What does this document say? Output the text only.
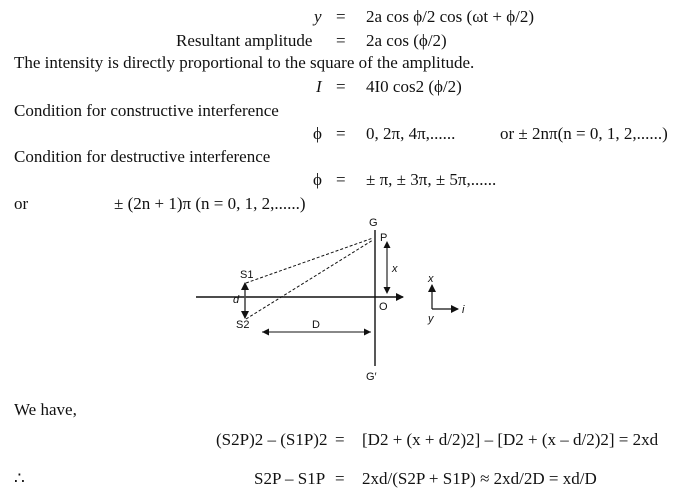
y = 2a cos ϕ/2 cos (ωt + ϕ/2)
Resultant amplitude = 2a cos (ϕ/2)
The intensity is directly proportional to the square of the amplitude.
I = 4I0 cos2 (ϕ/2)
Condition for constructive interference
ϕ = 0, 2π, 4π,......	or ± 2nπ(n = 0, 1, 2,......)
Condition for destructive interference
ϕ = ± π, ± 3π, ± 5π,......
or	± (2n + 1)π (n = 0, 1, 2,......)
G
G′
P
x
S1
S2
d
O
D
x
y
i
We have,
(S2P)2 – (S1P)2 = [D2 + (x + d/2)2] – [D2 + (x – d/2)2] = 2xd
∴	S2P – S1P = 2xd/(S2P + S1P) ≈ 2xd/2D = xd/D
